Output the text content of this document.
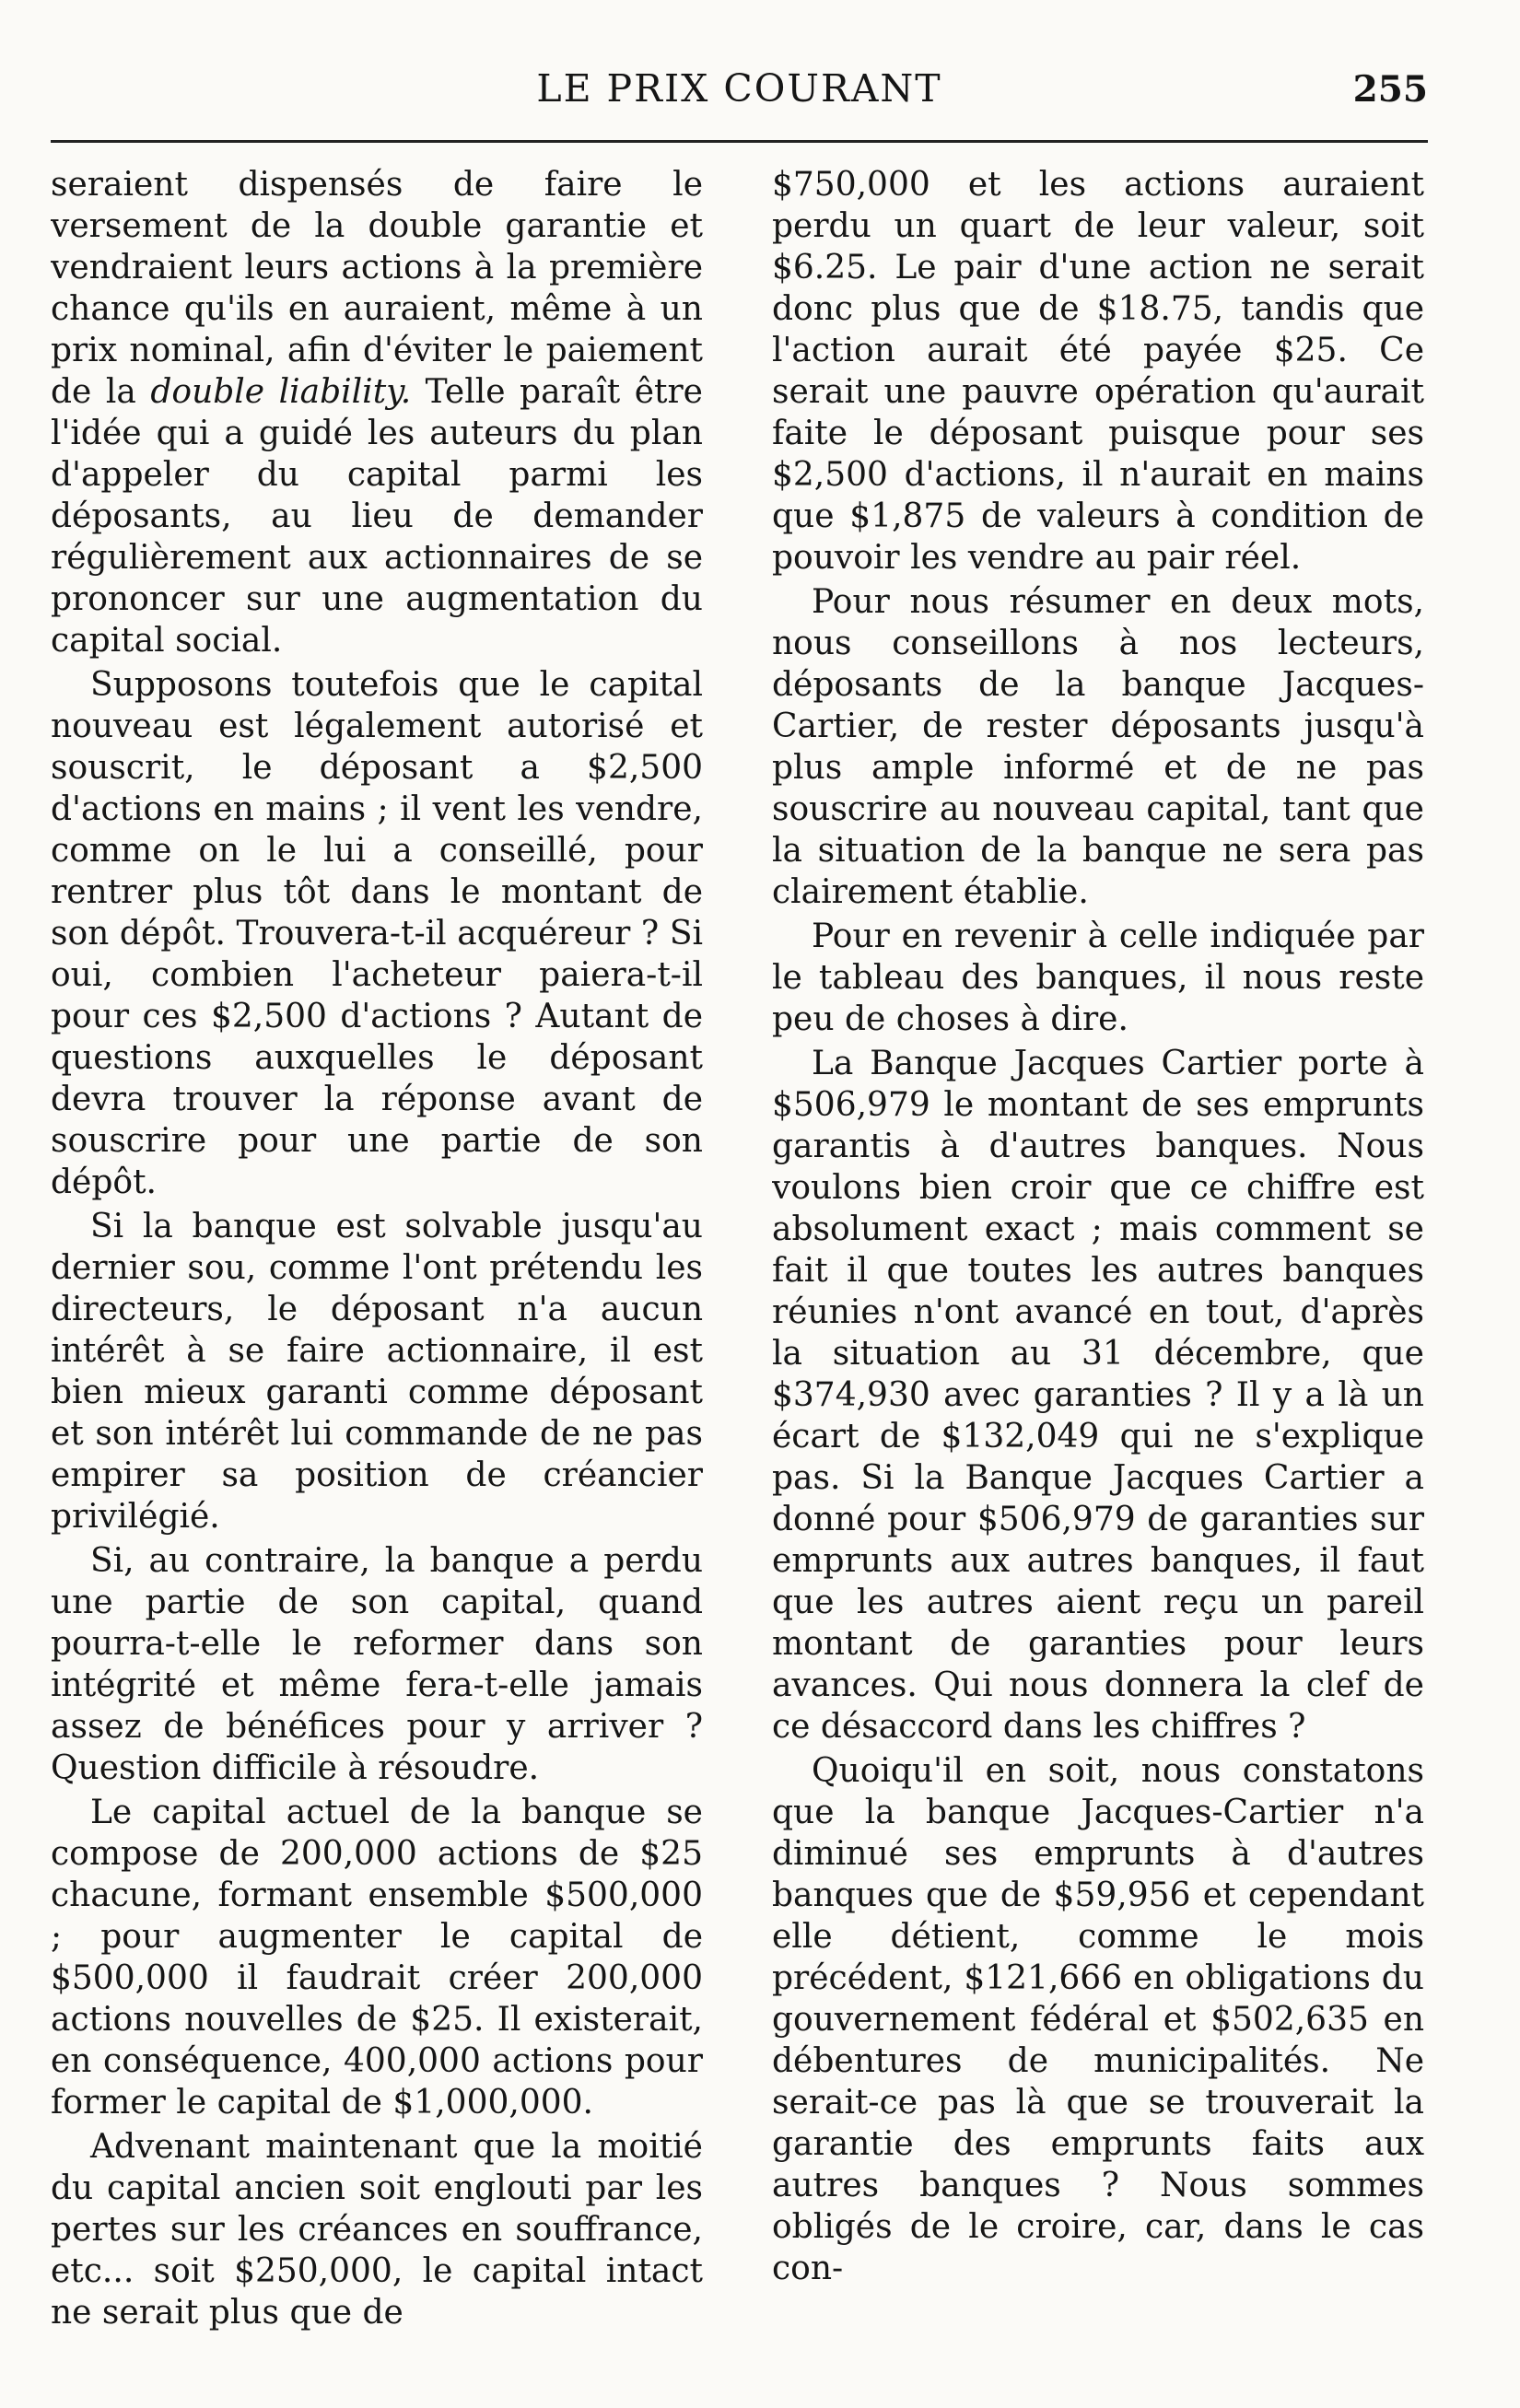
LE PRIX COURANT	255

seraient dispensés de faire le versement de la double garantie et vendraient leurs actions à la première chance qu'ils en auraient, même à un prix nominal, afin d'éviter le paiement de la double liability. Telle paraît être l'idée qui a guidé les auteurs du plan d'appeler du capital parmi les déposants, au lieu de demander régulièrement aux actionnaires de se prononcer sur une augmentation du capital social.

Supposons toutefois que le capital nouveau est légalement autorisé et souscrit, le déposant a $2,500 d'actions en mains ; il vent les vendre, comme on le lui a conseillé, pour rentrer plus tôt dans le montant de son dépôt. Trouvera-t-il acquéreur ? Si oui, combien l'acheteur paiera-t-il pour ces $2,500 d'actions ? Autant de questions auxquelles le déposant devra trouver la réponse avant de souscrire pour une partie de son dépôt.

Si la banque est solvable jusqu'au dernier sou, comme l'ont prétendu les directeurs, le déposant n'a aucun intérêt à se faire actionnaire, il est bien mieux garanti comme déposant et son intérêt lui commande de ne pas empirer sa position de créancier privilégié.

Si, au contraire, la banque a perdu une partie de son capital, quand pourra-t-elle le reformer dans son intégrité et même fera-t-elle jamais assez de bénéfices pour y arriver ? Question difficile à résoudre.

Le capital actuel de la banque se compose de 200,000 actions de $25 chacune, formant ensemble $500,000 ; pour augmenter le capital de $500,000 il faudrait créer 200,000 actions nouvelles de $25. Il existerait, en conséquence, 400,000 actions pour former le capital de $1,000,000.

Advenant maintenant que la moitié du capital ancien soit englouti par les pertes sur les créances en souffrance, etc... soit $250,000, le capital intact ne serait plus que de

$750,000 et les actions auraient perdu un quart de leur valeur, soit $6.25. Le pair d'une action ne serait donc plus que de $18.75, tandis que l'action aurait été payée $25. Ce serait une pauvre opération qu'aurait faite le déposant puisque pour ses $2,500 d'actions, il n'aurait en mains que $1,875 de valeurs à condition de pouvoir les vendre au pair réel.

Pour nous résumer en deux mots, nous conseillons à nos lecteurs, déposants de la banque Jacques-Cartier, de rester déposants jusqu'à plus ample informé et de ne pas souscrire au nouveau capital, tant que la situation de la banque ne sera pas clairement établie.

Pour en revenir à celle indiquée par le tableau des banques, il nous reste peu de choses à dire.

La Banque Jacques Cartier porte à $506,979 le montant de ses emprunts garantis à d'autres banques. Nous voulons bien croir que ce chiffre est absolument exact ; mais comment se fait il que toutes les autres banques réunies n'ont avancé en tout, d'après la situation au 31 décembre, que $374,930 avec garanties ? Il y a là un écart de $132,049 qui ne s'explique pas. Si la Banque Jacques Cartier a donné pour $506,979 de garanties sur emprunts aux autres banques, il faut que les autres aient reçu un pareil montant de garanties pour leurs avances. Qui nous donnera la clef de ce désaccord dans les chiffres ?

Quoiqu'il en soit, nous constatons que la banque Jacques-Cartier n'a diminué ses emprunts à d'autres banques que de $59,956 et cependant elle détient, comme le mois précédent, $121,666 en obligations du gouvernement fédéral et $502,635 en débentures de municipalités. Ne serait-ce pas là que se trouverait la garantie des emprunts faits aux autres banques ? Nous sommes obligés de le croire, car, dans le cas con-
